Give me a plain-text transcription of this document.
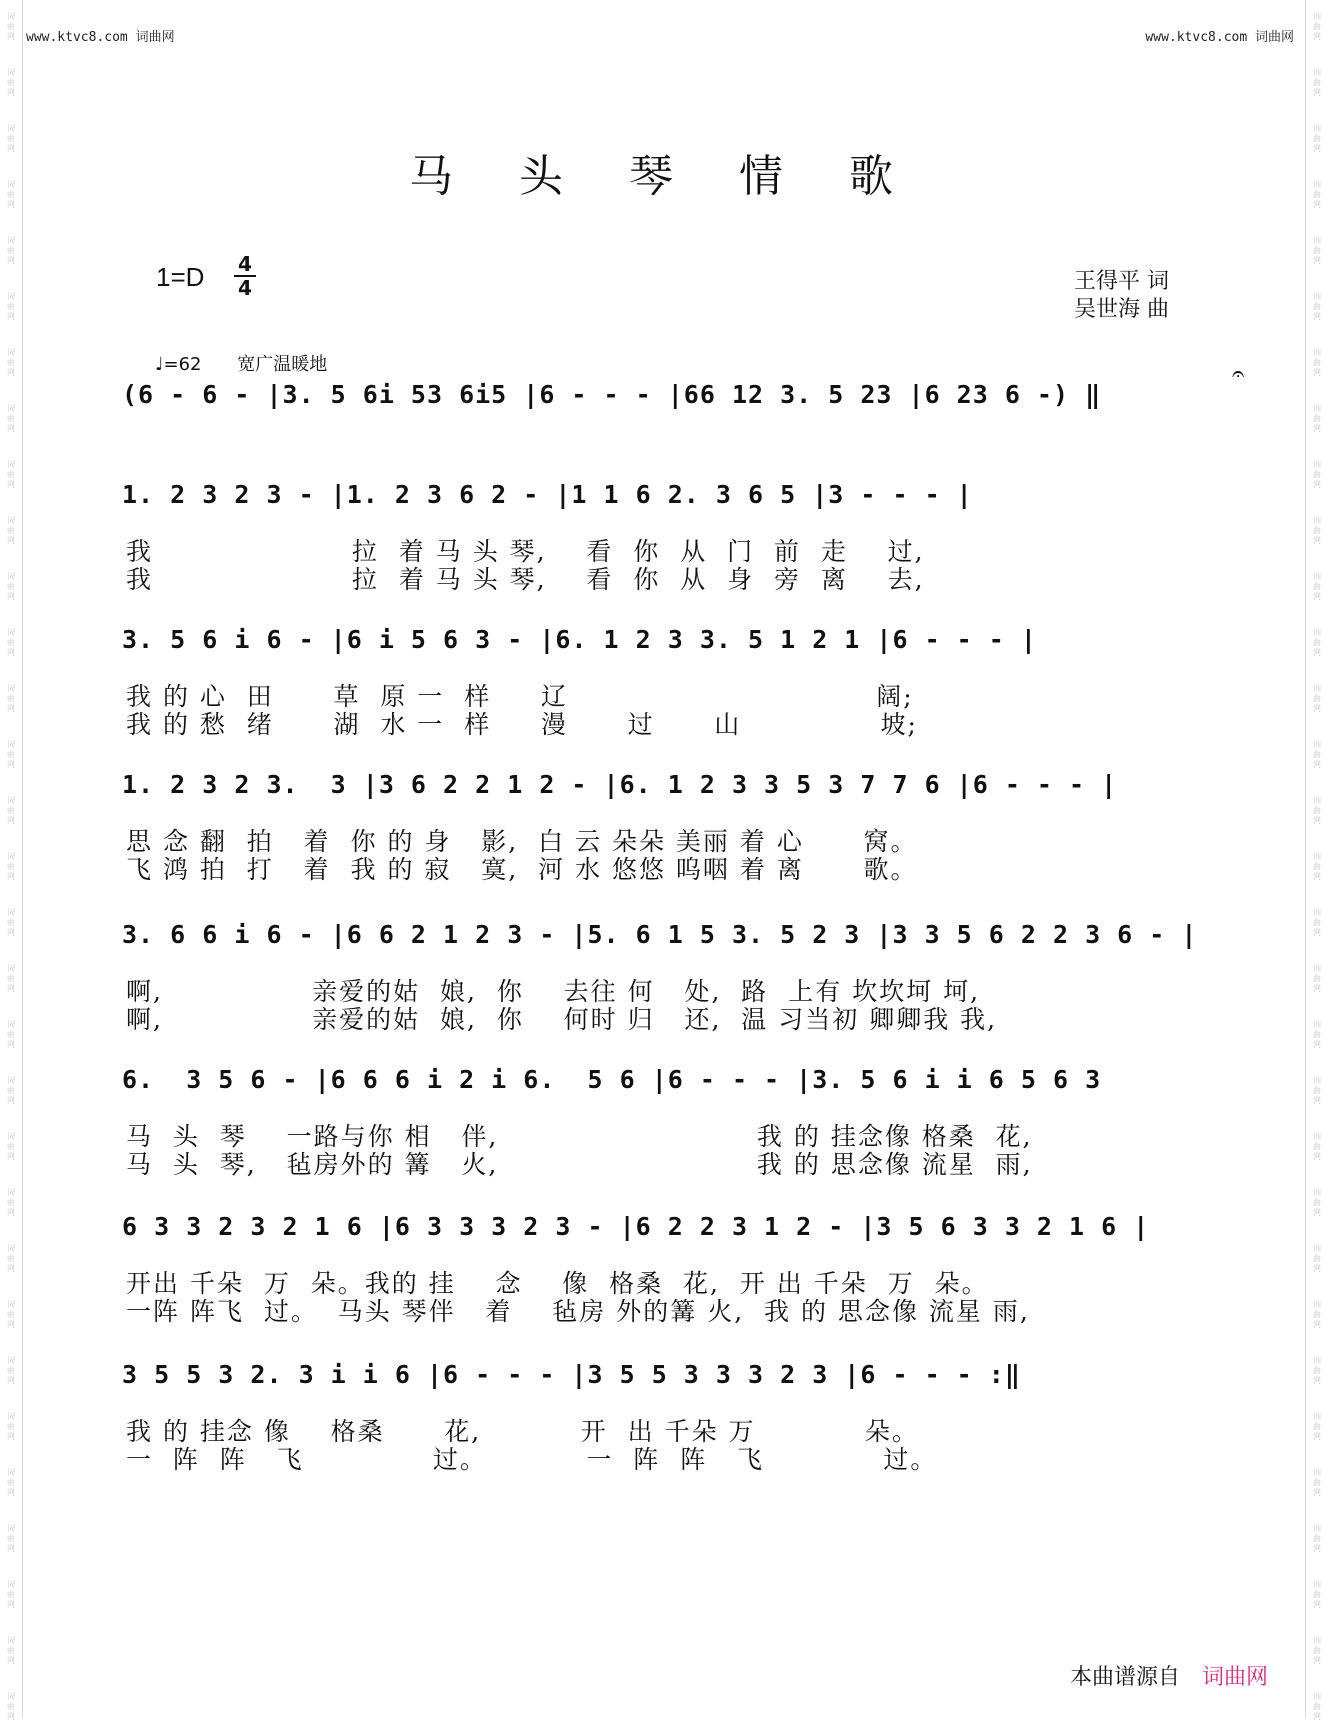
词
曲
网
词
曲
网
词
曲
网
词
曲
网
词
曲
网
词
曲
网
词
曲
网
词
曲
网
词
曲
网
词
曲
网
词
曲
网
词
曲
网
词
曲
网
词
曲
网
词
曲
网
词
曲
网
词
曲
网
词
曲
网
词
曲
网
词
曲
网
词
曲
网
词
曲
网
词
曲
网
词
曲
网
词
曲
网
词
曲
网
词
曲
网
词
曲
网
词
曲
网
词
曲
网
词
曲
网
词
曲
网
词
曲
网
词
曲
网
词
曲
网
词
曲
网
词
曲
网
词
曲
网
词
曲
网
词
曲
网
词
曲
网
词
曲
网
词
曲
网
词
曲
网
词
曲
网
词
曲
网
词
曲
网
词
曲
网
词
曲
网
词
曲
网
词
曲
网
词
曲
网
词
曲
网
词
曲
网
词
曲
网
词
曲
网
词
曲
网
词
曲
网
词
曲
网
词
曲
网
词
曲
网
词
曲
网
www.ktvc8.com 词曲网	www.ktvc8.com 词曲网
马 头 琴 情 歌
1=D 4
4	王得平 词
吴世海 曲
♩=62 宽广温暖地	𝄐
(6 - 6 - |3. 5 6i 53 6i5 |6 - - - |66 12 3. 5 23 |6 23 6 -) ‖
1. 2 3 2 3 - |1. 2 3 6 2 - |1 1 6 2. 3 6 5 |3 - - - |
我                    拉  着 马 头 琴,    看  你  从  门  前  走    过,
我                    拉  着 马 头 琴,    看  你  从  身  旁  离    去,
3. 5 6 i 6 - |6 i 5 6 3 - |6. 1 2 3 3. 5 1 2 1 |6 - - - |
我 的 心  田      草  原 一  样     辽                               阔;
我 的 愁  绪      湖  水 一  样     漫      过      山              坡;
1. 2 3 2 3.  3 |3 6 2 2 1 2 - |6. 1 2 3 3 5 3 7 7 6 |6 - - - |
思 念 翻  拍   着  你 的 身   影,  白 云 朵朵 美丽 着 心      窝。
飞 鸿 拍  打   着  我 的 寂   寞,  河 水 悠悠 呜咽 着 离      歌。
3. 6 6 i 6 - |6 6 2 1 2 3 - |5. 6 1 5 3. 5 2 3 |3 3 5 6 2 2 3 6 - |
啊,               亲爱的姑  娘,  你    去往 何   处,  路  上有 坎坎坷 坷,
啊,               亲爱的姑  娘,  你    何时 归   还,  温 习当初 卿卿我 我,
6.  3 5 6 - |6 6 6 i 2 i 6.  5 6 |6 - - - |3. 5 6 i i 6 5 6 3
马  头  琴    一路与你 相   伴,                          我 的 挂念像 格桑  花,
马  头  琴,   毡房外的 篝   火,                          我 的 思念像 流星  雨,
6 3 3 2 3 2 1 6 |6 3 3 3 2 3 - |6 2 2 3 1 2 - |3 5 6 3 3 2 1 6 |
开出 千朵  万  朵。我的 挂    念    像  格桑  花,  开 出 千朵  万  朵。
一阵 阵飞  过。  马头 琴伴   着    毡房 外的篝 火,  我 的 思念像 流星 雨,
3 5 5 3 2. 3 i i 6 |6 - - - |3 5 5 3 3 3 2 3 |6 - - - :‖
我 的 挂念 像    格桑      花,          开  出 千朵 万           朵。
一  阵  阵   飞             过。          一  阵  阵   飞            过。
本曲谱源自 词曲网
